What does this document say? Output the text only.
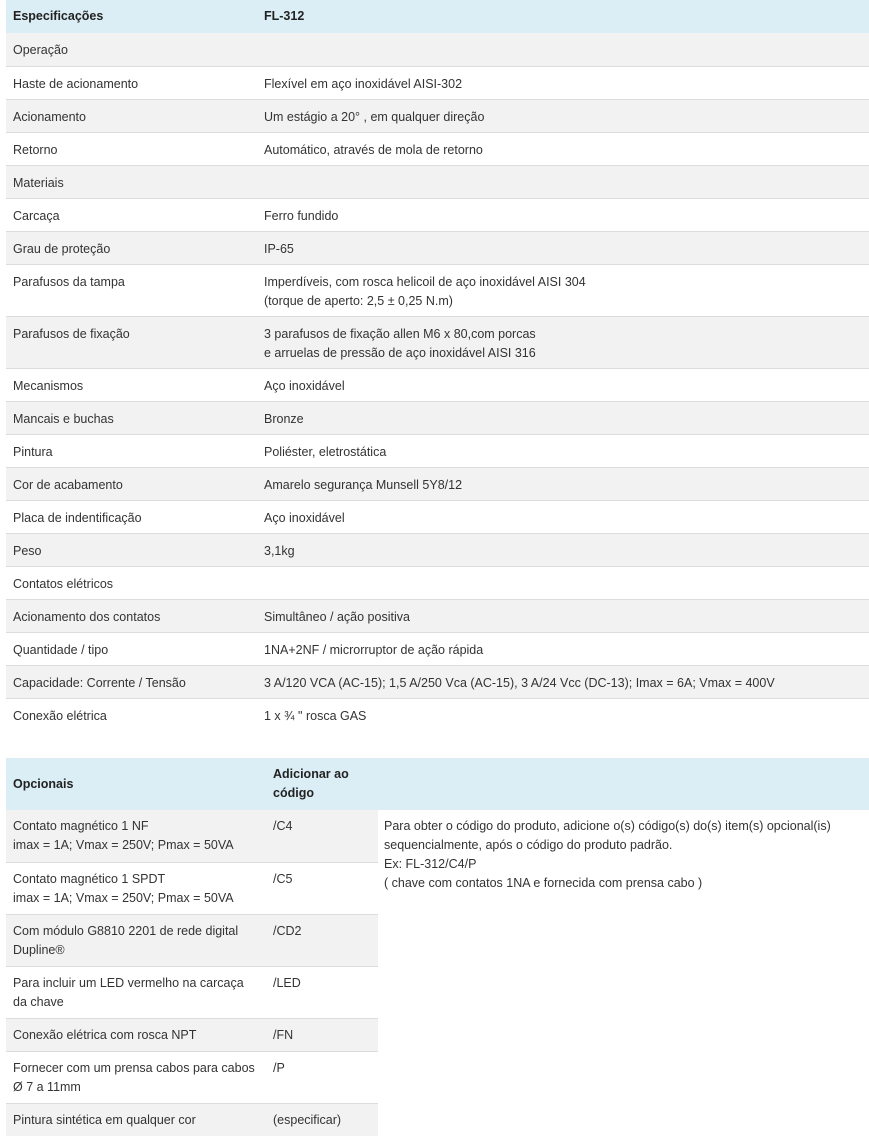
Especificações	FL-312
Operação	
Haste de acionamento	Flexível em aço inoxidável AISI-302
Acionamento	Um estágio a 20° , em qualquer direção
Retorno	Automático, através de mola de retorno
Materiais	
Carcaça	Ferro fundido
Grau de proteção	IP-65
Parafusos da tampa	Imperdíveis, com rosca helicoil de aço inoxidável AISI 304
(torque de aperto: 2,5 ± 0,25 N.m)
Parafusos de fixação	3 parafusos de fixação allen M6 x 80,com porcas
e arruelas de pressão de aço inoxidável AISI 316
Mecanismos	Aço inoxidável
Mancais e buchas	Bronze
Pintura	Poliéster, eletrostática
Cor de acabamento	Amarelo segurança Munsell 5Y8/12
Placa de indentificação	Aço inoxidável
Peso	3,1kg
Contatos elétricos	
Acionamento dos contatos	Simultâneo / ação positiva
Quantidade / tipo	1NA+2NF / microrruptor de ação rápida
Capacidade: Corrente / Tensão	3 A/120 VCA (AC-15); 1,5 A/250 Vca (AC-15), 3 A/24 Vcc (DC-13); Imax = 6A; Vmax = 400V
Conexão elétrica	1 x ¾ " rosca GAS
Opcionais
Adicionar ao
código
Contato magnético 1 NF
imax = 1A; Vmax = 250V; Pmax = 50VA	/C4
Contato magnético 1 SPDT
imax = 1A; Vmax = 250V; Pmax = 50VA	/C5
Com módulo G8810 2201 de rede digital
Dupline®	/CD2
Para incluir um LED vermelho na carcaça
da chave	/LED
Conexão elétrica com rosca NPT	/FN
Fornecer com um prensa cabos para cabos
Ø 7 a 11mm	/P
Pintura sintética em qualquer cor	(especificar)

Para obter o código do produto, adicione o(s) código(s) do(s) item(s) opcional(is)
sequencialmente, após o código do produto padrão.
Ex: FL-312/C4/P
( chave com contatos 1NA e fornecida com prensa cabo )
